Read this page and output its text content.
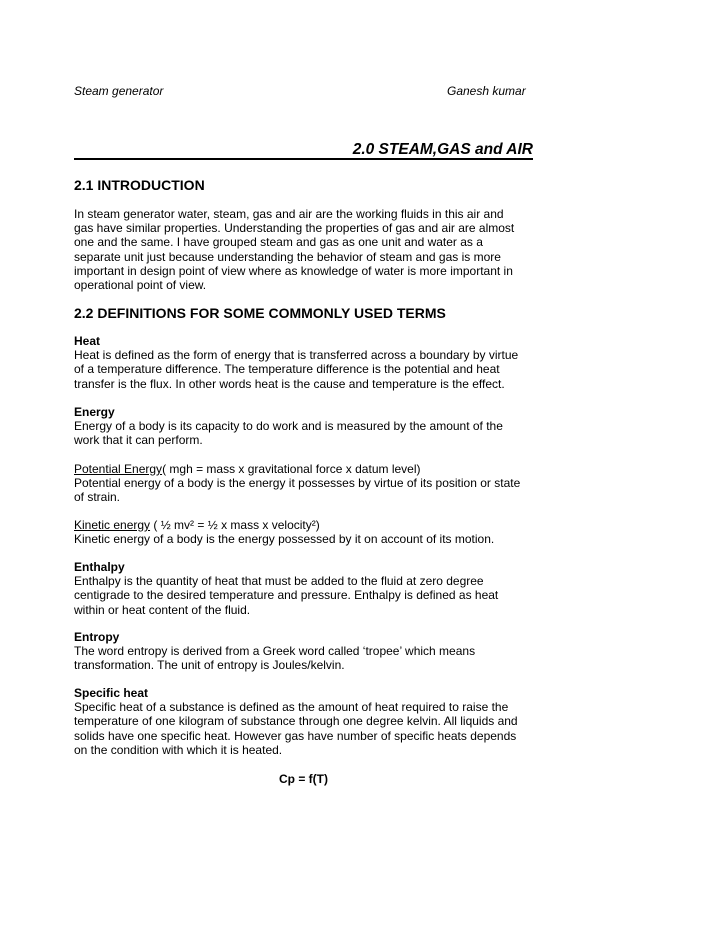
Steam generator	Ganesh kumar
2.0 STEAM,GAS and AIR
2.1 INTRODUCTION
In steam generator water, steam, gas and air are the working fluids in this air and
gas have similar properties. Understanding the properties of gas and air are almost
one and the same. I have grouped steam and gas as one unit and water as a
separate unit just because understanding the behavior of steam and gas is more
important in design point of view where as knowledge of water is more important in
operational point of view.
2.2 DEFINITIONS FOR SOME COMMONLY USED TERMS
Heat
Heat is defined as the form of energy that is transferred across a boundary by virtue
of a temperature difference. The temperature difference is the potential and heat
transfer is the flux. In other words heat is the cause and temperature is the effect.
Energy
Energy of a body is its capacity to do work and is measured by the amount of the
work that it can perform.
Potential Energy( mgh = mass x gravitational force x datum level)
Potential energy of a body is the energy it possesses by virtue of its position or state
of strain.
Kinetic energy ( ½ mv² = ½ x mass x velocity²)
Kinetic energy of a body is the energy possessed by it on account of its motion.
Enthalpy
Enthalpy is the quantity of heat that must be added to the fluid at zero degree
centigrade to the desired temperature and pressure. Enthalpy is defined as heat
within or heat content of the fluid.
Entropy
The word entropy is derived from a Greek word called ‘tropee’ which means
transformation. The unit of entropy is Joules/kelvin.
Specific heat
Specific heat of a substance is defined as the amount of heat required to raise the
temperature of one kilogram of substance through one degree kelvin. All liquids and
solids have one specific heat. However gas have number of specific heats depends
on the condition with which it is heated.
Cp = f(T)
